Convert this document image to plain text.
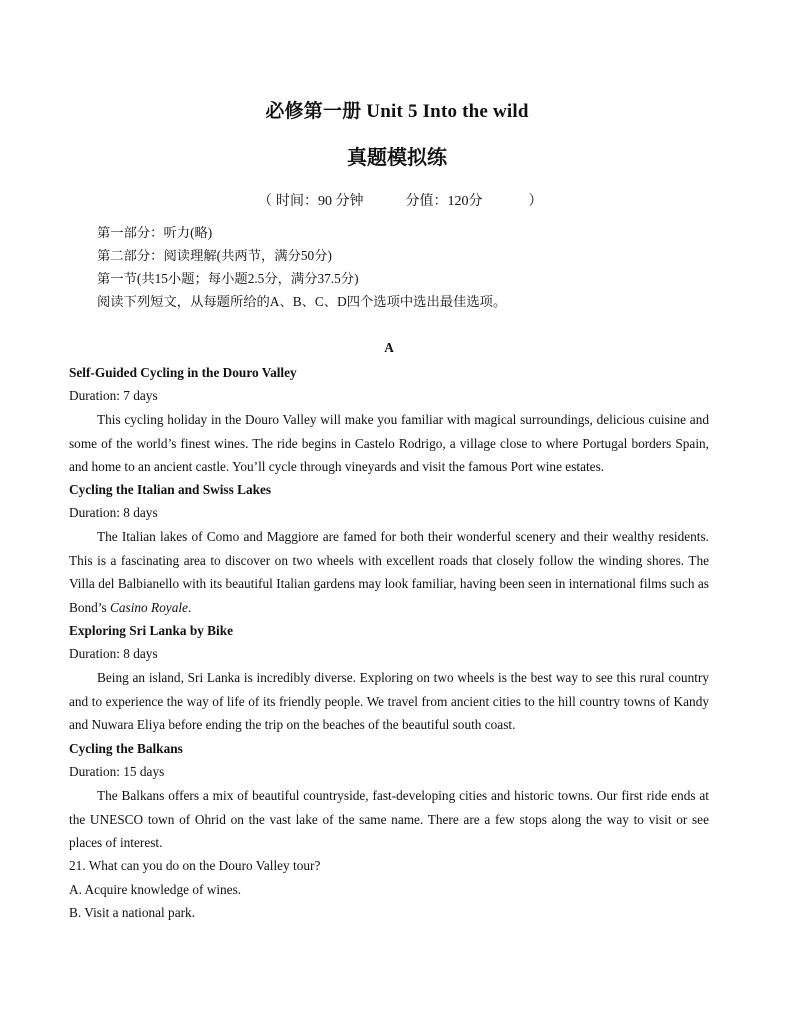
必修第一册 Unit 5 Into the wild
真题模拟练
（ 时间：90 分钟	分值：120分	）
第一部分：听力(略)
第二部分：阅读理解(共两节，满分50分)
第一节(共15小题；每小题2.5分，满分37.5分)
阅读下列短文，从每题所给的A、B、C、D四个选项中选出最佳选项。
A
Self-Guided Cycling in the Douro Valley
Duration: 7 days
This cycling holiday in the Douro Valley will make you familiar with magical surroundings, delicious cuisine and some of the world’s finest wines. The ride begins in Castelo Rodrigo, a village close to where Portugal borders Spain, and home to an ancient castle. You’ll cycle through vineyards and visit the famous Port wine estates.
Cycling the Italian and Swiss Lakes
Duration: 8 days
The Italian lakes of Como and Maggiore are famed for both their wonderful scenery and their wealthy residents. This is a fascinating area to discover on two wheels with excellent roads that closely follow the winding shores. The Villa del Balbianello with its beautiful Italian gardens may look familiar, having been seen in international films such as Bond’s Casino Royale.
Exploring Sri Lanka by Bike
Duration: 8 days
Being an island, Sri Lanka is incredibly diverse. Exploring on two wheels is the best way to see this rural country and to experience the way of life of its friendly people. We travel from ancient cities to the hill country towns of Kandy and Nuwara Eliya before ending the trip on the beaches of the beautiful south coast.
Cycling the Balkans
Duration: 15 days
The Balkans offers a mix of beautiful countryside, fast-developing cities and historic towns. Our first ride ends at the UNESCO town of Ohrid on the vast lake of the same name. There are a few stops along the way to visit or see places of interest.
21. What can you do on the Douro Valley tour?
A. Acquire knowledge of wines.
B. Visit a national park.
